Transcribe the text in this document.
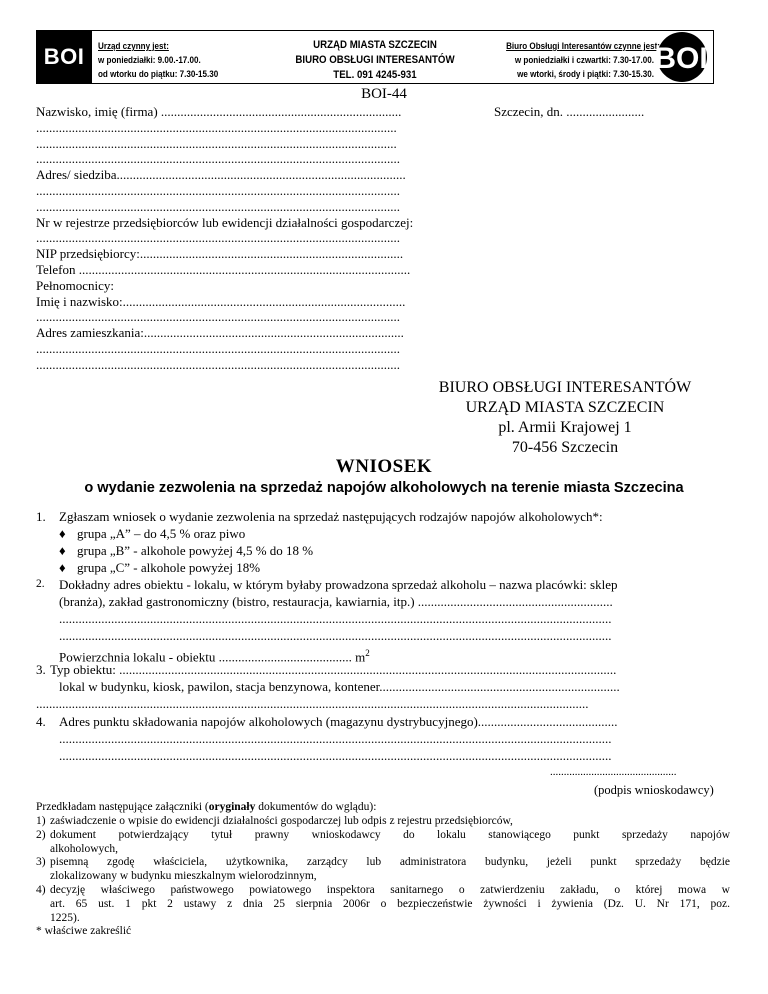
BOI	Urząd czynny jest:
w poniedziałki: 9.00.-17.00.
od wtorku do piątku: 7.30-15.30
URZĄD MIASTA SZCZECIN
BIURO OBSŁUGI INTERESANTÓW
TEL. 091 4245-931
Biuro Obsługi Interesantów czynne jest:
w poniedziałki i czwartki: 7.30-17.00.
we wtorki, środy i piątki: 7.30-15.30. BOI
BOI-44
Szczecin, dn. ........................
Nazwisko, imię (firma) ..........................................................................
...............................................................................................................
...............................................................................................................
................................................................................................................
Adres/ siedziba.........................................................................................
................................................................................................................
................................................................................................................
Nr w rejestrze przedsiębiorców lub ewidencji działalności gospodarczej:
................................................................................................................
NIP przedsiębiorcy:.................................................................................
Telefon ......................................................................................................
Pełnomocnicy:
Imię i nazwisko:.......................................................................................
................................................................................................................
Adres zamieszkania:................................................................................
................................................................................................................
................................................................................................................
BIURO OBSŁUGI INTERESANTÓW
URZĄD MIASTA SZCZECIN
pl. Armii Krajowej 1
70-456 Szczecin
WNIOSEK
o wydanie zezwolenia na sprzedaż napojów alkoholowych na terenie miasta Szczecina
1. Zgłaszam wniosek o wydanie zezwolenia na sprzedaż następujących rodzajów napojów alkoholowych*:
♦ grupa „A” – do 4,5 % oraz piwo
♦ grupa „B” - alkohole powyżej 4,5 % do 18 %
♦ grupa „C” - alkohole powyżej 18%
2. Dokładny adres obiektu - lokalu, w którym byłaby prowadzona sprzedaż alkoholu – nazwa placówki: sklep
(branża), zakład gastronomiczny (bistro, restauracja, kawiarnia, itp.) ............................................................
..........................................................................................................................................................................
..........................................................................................................................................................................
Powierzchnia lokalu - obiektu ......................................... $m^2$
3. Typ obiektu: .........................................................................................................................................................
lokal w budynku, kiosk, pawilon, stacja benzynowa, kontener..........................................................................
..........................................................................................................................................................................
4. Adres punktu składowania napojów alkoholowych (magazynu dystrybucyjnego)...........................................
..........................................................................................................................................................................
..........................................................................................................................................................................
..............................................
(podpis wnioskodawcy)
Przedkładam następujące załączniki (oryginały dokumentów do wglądu):
1) zaświadczenie o wpisie do ewidencji działalności gospodarczej lub odpis z rejestru przedsiębiorców,
2) dokument potwierdzający tytuł prawny wnioskodawcy do lokalu stanowiącego punkt sprzedaży napojów
alkoholowych,
3) pisemną zgodę właściciela, użytkownika, zarządcy lub administratora budynku, jeżeli punkt sprzedaży będzie
zlokalizowany w budynku mieszkalnym wielorodzinnym,
4) decyzję właściwego państwowego powiatowego inspektora sanitarnego o zatwierdzeniu zakładu, o której mowa w
art. 65 ust. 1 pkt 2 ustawy z dnia 25 sierpnia 2006r o bezpieczeństwie żywności i żywienia (Dz. U. Nr 171, poz.
1225).
* właściwe zakreślić
